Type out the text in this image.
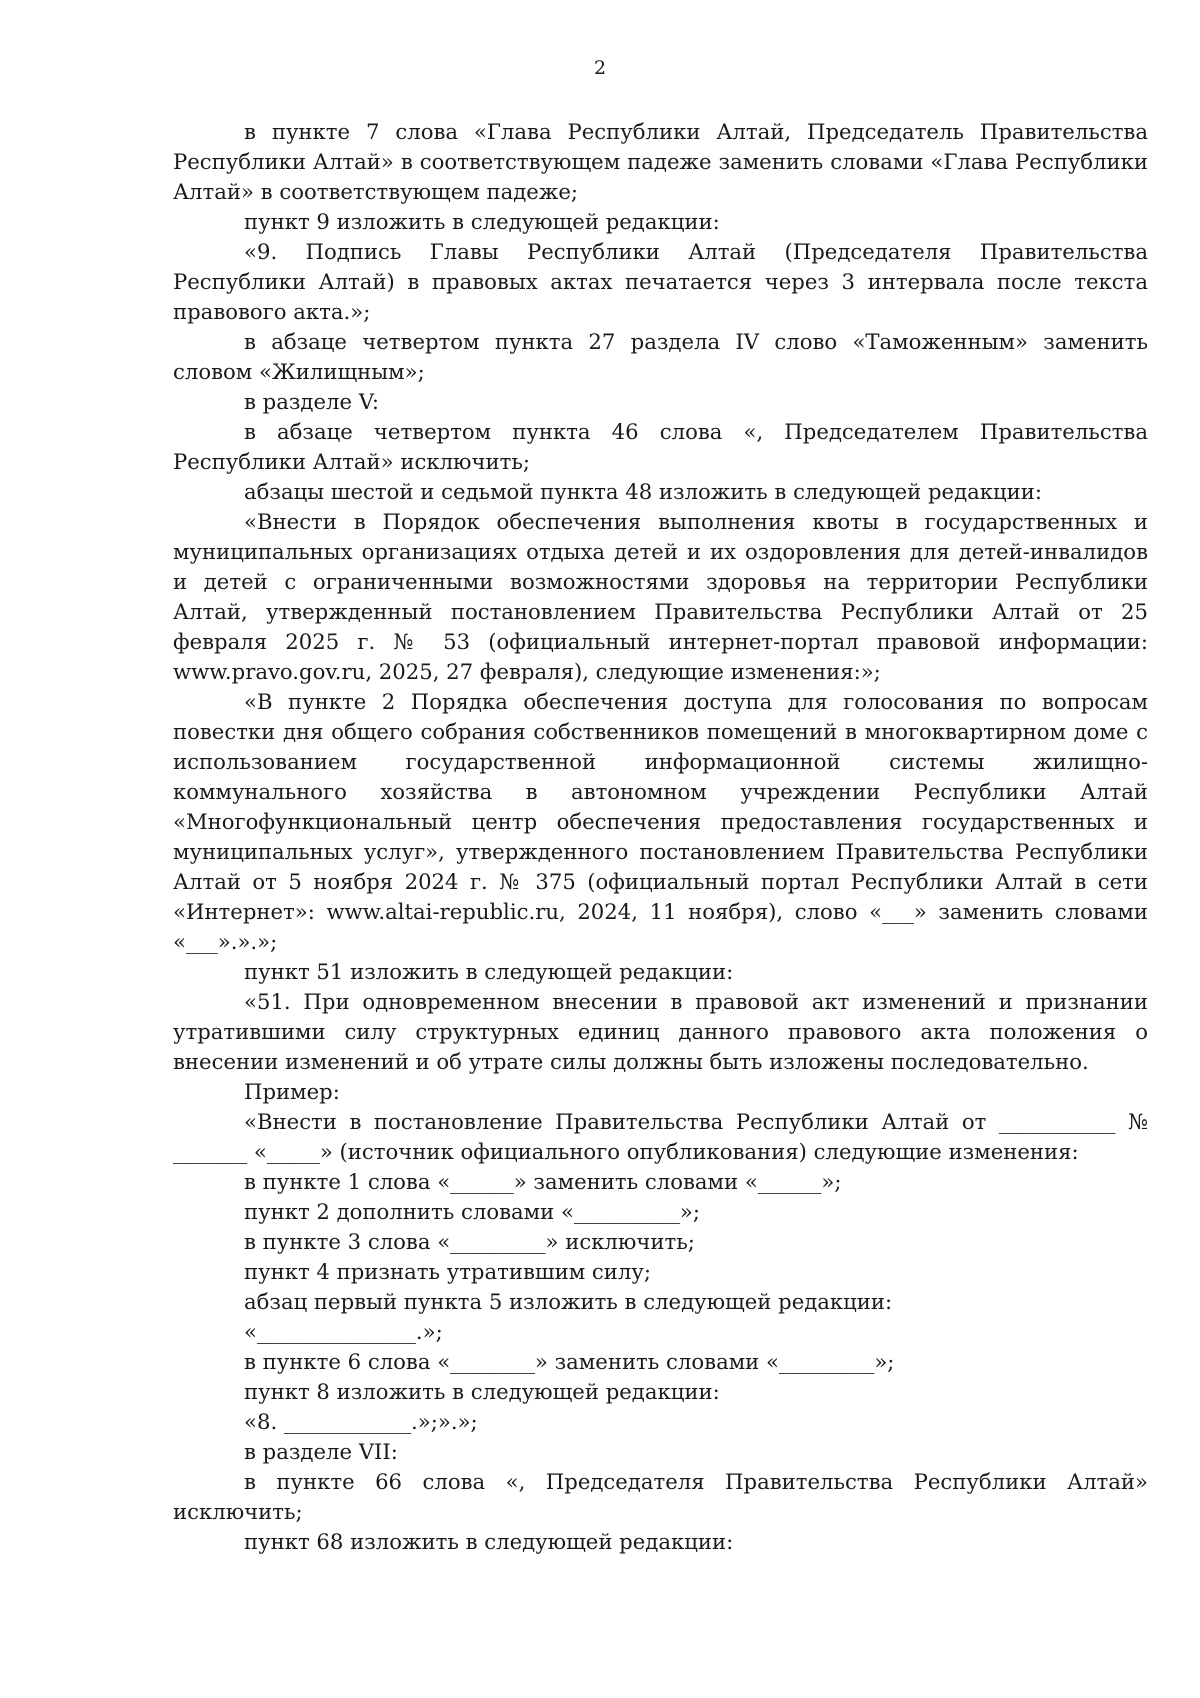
2

в пункте 7 слова «Глава Республики Алтай, Председатель Правительства Республики Алтай» в соответствующем падеже заменить словами «Глава Республики Алтай» в соответствующем падеже;

пункт 9 изложить в следующей редакции:

«9. Подпись Главы Республики Алтай (Председателя Правительства Республики Алтай) в правовых актах печатается через 3 интервала после текста правового акта.»;

в абзаце четвертом пункта 27 раздела IV слово «Таможенным» заменить словом «Жилищным»;

в разделе V:

в абзаце четвертом пункта 46 слова «, Председателем Правительства Республики Алтай» исключить;

абзацы шестой и седьмой пункта 48 изложить в следующей редакции:

«Внести в Порядок обеспечения выполнения квоты в государственных и муниципальных организациях отдыха детей и их оздоровления для детей-инвалидов и детей с ограниченными возможностями здоровья на территории Республики Алтай, утвержденный постановлением Правительства Республики Алтай от 25 февраля 2025 г. № 53 (официальный интернет-портал правовой информации: www.pravo.gov.ru, 2025, 27 февраля), следующие изменения:»;

«В пункте 2 Порядка обеспечения доступа для голосования по вопросам повестки дня общего собрания собственников помещений в многоквартирном доме с использованием государственной информационной системы жилищно-коммунального хозяйства в автономном учреждении Республики Алтай «Многофункциональный центр обеспечения предоставления государственных и муниципальных услуг», утвержденного постановлением Правительства Республики Алтай от 5 ноября 2024 г. № 375 (официальный портал Республики Алтай в сети «Интернет»: www.altai-republic.ru, 2024, 11 ноября), слово «___» заменить словами «___».».»;

пункт 51 изложить в следующей редакции:

«51. При одновременном внесении в правовой акт изменений и признании утратившими силу структурных единиц данного правового акта положения о внесении изменений и об утрате силы должны быть изложены последовательно.

Пример:

«Внести в постановление Правительства Республики Алтай от ___________ № _______ «_____» (источник официального опубликования) следующие изменения:

в пункте 1 слова «______» заменить словами «______»;

пункт 2 дополнить словами «__________»;

в пункте 3 слова «_________» исключить;

пункт 4 признать утратившим силу;

абзац первый пункта 5 изложить в следующей редакции:

«_______________.»;

в пункте 6 слова «________» заменить словами «_________»;

пункт 8 изложить в следующей редакции:

«8. ____________.»;».»;

в разделе VII:

в пункте 66 слова «, Председателя Правительства Республики Алтай» исключить;

пункт 68 изложить в следующей редакции:
